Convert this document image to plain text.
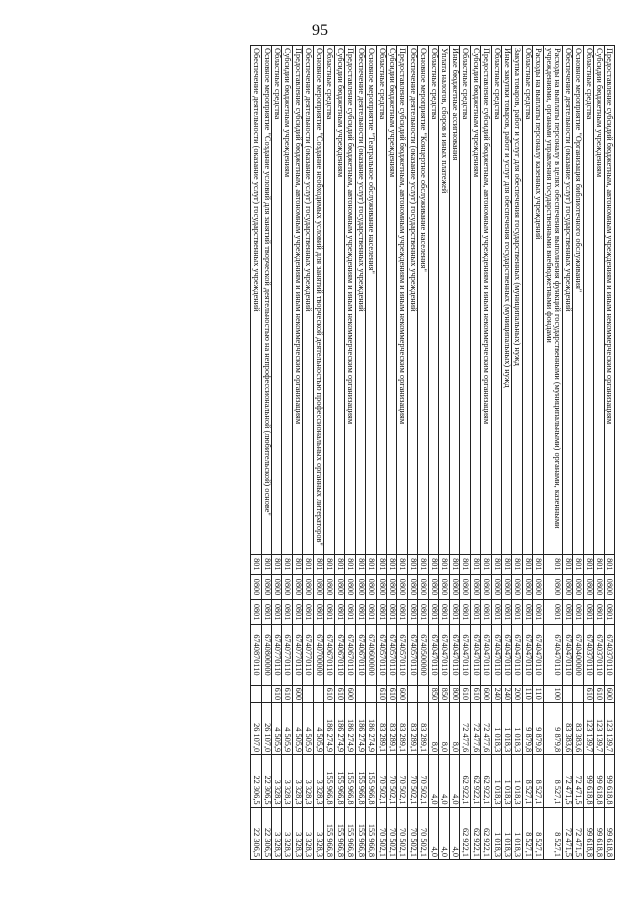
95
Предоставление субсидий бюджетным, автономным учреждениям и иным некоммерческим организациям	801	0800	0801	6740370110	600	123 139,7	99 618,8	99 618,8
Субсидии бюджетным учреждениям	801	0800	0801	6740370110	610	123 139,7	99 618,8	99 618,8
Областные средства	801	0800	0801	6740370110	610	123 139,7	99 618,8	99 618,8
Основное мероприятие "Организация библиотечного обслуживания"	801	0800	0801	6740400000		83 383,6	72 471,5	72 471,5
Обеспечение деятельности (оказание услуг) государственных учреждений	801	0800	0801	6740470110		83 383,6	72 471,5	72 471,5
Расходы на выплаты персоналу в целях обеспечения выполнения функций государственными (муниципальными) органами, казенными учреждениями, органами управления государственными внебюджетными фондами	801	0800	0801	6740470110	100	9 879,8	8 527,1	8 527,1
Расходы на выплаты персоналу казенных учреждений	801	0800	0801	6740470110	110	9 879,8	8 527,1	8 527,1
Областные средства	801	0800	0801	6740470110	110	9 879,8	8 527,1	8 527,1
Закупка товаров, работ и услуг для обеспечения государственных (муниципальных) нужд	801	0800	0801	6740470110	200	1 018,3	1 018,3	1 018,3
Иные закупки товаров, работ и услуг для обеспечения государственных (муниципальных) нужд	801	0800	0801	6740470110	240	1 018,3	1 018,3	1 018,3
Областные средства	801	0800	0801	6740470110	240	1 018,3	1 018,3	1 018,3
Предоставление субсидий бюджетным, автономным учреждениям и иным некоммерческим организациям	801	0800	0801	6740470110	600	72 477,6	62 922,1	62 922,1
Субсидии бюджетным учреждениям	801	0800	0801	6740470110	610	72 477,6	62 922,1	62 922,1
Областные средства	801	0800	0801	6740470110	610	72 477,6	62 922,1	62 922,1
Иные бюджетные ассигнования	801	0800	0801	6740470110	800	8,0	4,0	4,0
Уплата налогов, сборов и иных платежей	801	0800	0801	6740470110	850	8,0	4,0	4,0
Областные средства	801	0800	0801	6740470110	850	8,0	4,0	4,0
Основное мероприятие "Концертное обслуживание населения"	801	0800	0801	6740500000		83 289,1	70 502,1	70 502,1
Обеспечение деятельности (оказание услуг) государственных учреждений	801	0800	0801	6740570110		83 289,1	70 502,1	70 502,1
Предоставление субсидий бюджетным, автономным учреждениям и иным некоммерческим организациям	801	0800	0801	6740570110	600	83 289,1	70 502,1	70 502,1
Субсидии бюджетным учреждениям	801	0800	0801	6740570110	610	83 289,1	70 502,1	70 502,1
Областные средства	801	0800	0801	6740570110	610	83 289,1	70 502,1	70 502,1
Основное мероприятие "Театральное обслуживание населения"	801	0800	0801	6740600000		186 274,9	155 966,8	155 966,8
Обеспечение деятельности (оказание услуг) государственных учреждений	801	0800	0801	6740670110		186 274,9	155 966,8	155 966,8
Предоставление субсидий бюджетным, автономным учреждениям и иным некоммерческим организациям	801	0800	0801	6740670110	600	186 274,9	155 966,8	155 966,8
Субсидии бюджетным учреждениям	801	0800	0801	6740670110	610	186 274,9	155 966,8	155 966,8
Областные средства	801	0800	0801	6740670110	610	186 274,9	155 966,8	155 966,8
Основное мероприятие "Создание необходимых условий для занятий творческой деятельностью профессиональных органных литераторов"	801	0800	0801	6740700000		4 505,9	3 328,3	3 328,3
Обеспечение деятельности (оказание услуг) государственных учреждений	801	0800	0801	6740770110		4 505,9	3 328,3	3 328,3
Предоставление субсидий бюджетным, автономным учреждениям и иным некоммерческим организациям	801	0800	0801	6740770110	600	4 505,9	3 328,3	3 328,3
Субсидии бюджетным учреждениям	801	0800	0801	6740770110	610	4 505,9	3 328,3	3 328,3
Областные средства	801	0800	0801	6740770110	610	4 505,9	3 328,3	3 328,3
Основное мероприятие "Создание условий для занятий творческой деятельностью на непрофессиональной (любительской) основе"	801	0800	0801	6740800000		26 107,0	22 306,5	22 306,5
Обеспечение деятельности (оказание услуг) государственных учреждений	801	0800	0801	6740870110		26 107,0	22 306,5	22 306,5
